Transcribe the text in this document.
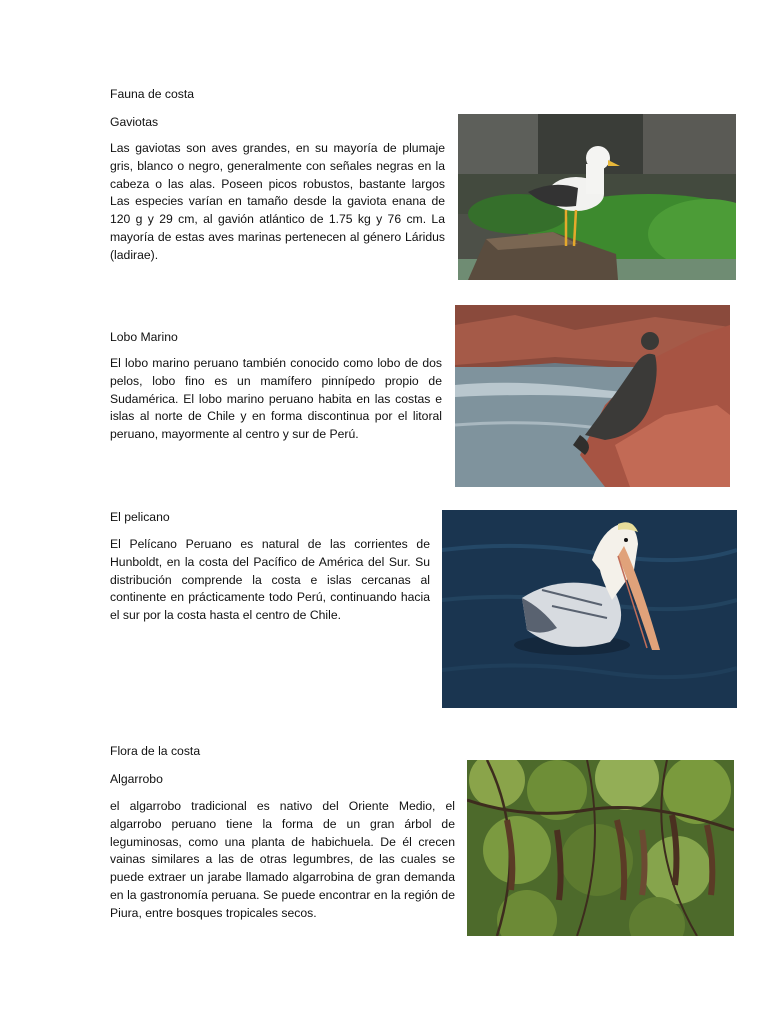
Fauna de costa
Gaviotas

Las gaviotas son aves grandes, en su mayoría de plumaje gris, blanco o negro, generalmente con señales negras en la cabeza o las alas. Poseen picos robustos, bastante largos Las especies varían en tamaño desde la gaviota enana de 120 g y 29 cm, al gavión atlántico de 1.75 kg y 76 cm. La mayoría de estas aves marinas pertenecen al género Láridus (ladirae).

Lobo Marino

El lobo marino peruano también conocido como lobo de dos pelos, lobo fino es un mamífero pinnípedo propio de Sudamérica. El lobo marino peruano habita en las costas e islas al norte de Chile y en forma discontinua por el litoral peruano, mayormente al centro y sur de Perú.

El pelicano

El Pelícano Peruano es natural de las corrientes de Hunboldt, en la costa del Pacífico de América del Sur. Su distribución comprende la costa e islas cercanas al continente en prácticamente todo Perú, continuando hacia el sur por la costa hasta el centro de Chile.

Flora de la costa
Algarrobo

el algarrobo tradicional es nativo del Oriente Medio, el algarrobo peruano tiene la forma de un gran árbol de leguminosas, como una planta de habichuela. De él crecen vainas similares a las de otras legumbres, de las cuales se puede extraer un jarabe llamado algarrobina de gran demanda en la gastronomía peruana. Se puede encontrar en la región de Piura, entre bosques tropicales secos.
